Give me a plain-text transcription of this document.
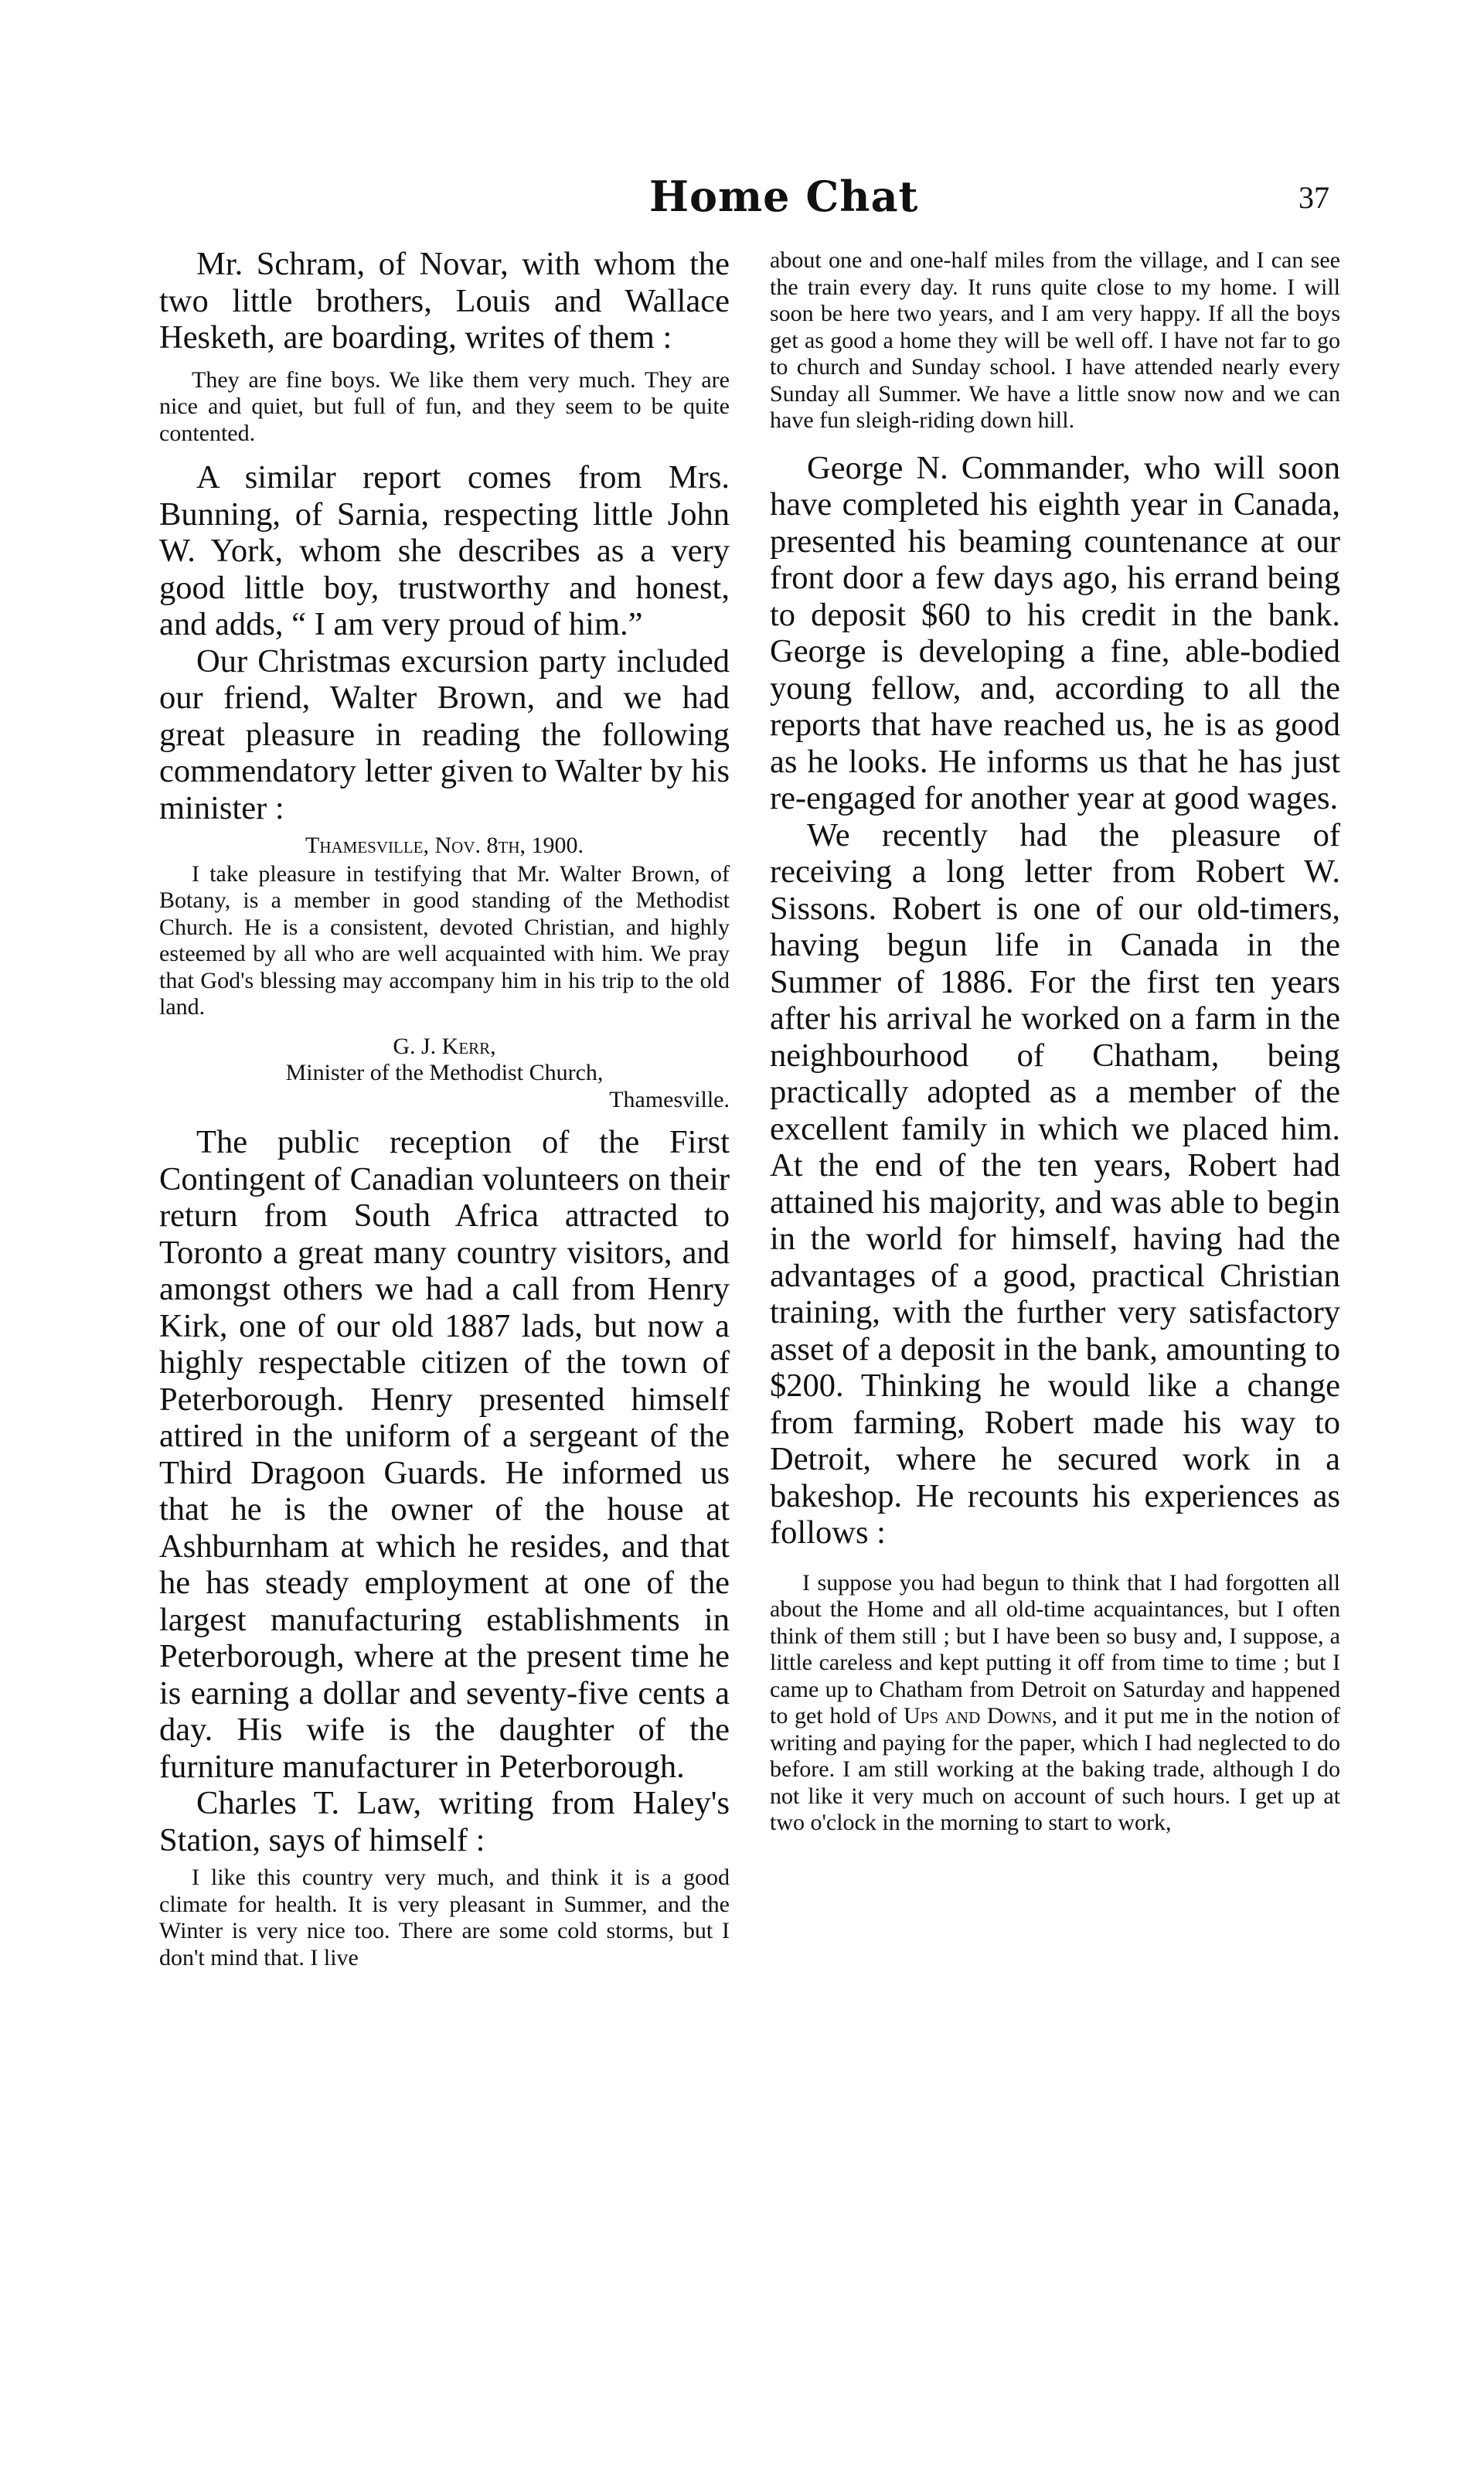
Home Chat	37

Mr. Schram, of Novar, with whom the two little brothers, Louis and Wallace Hesketh, are boarding, writes of them :

They are fine boys. We like them very much. They are nice and quiet, but full of fun, and they seem to be quite contented.

A similar report comes from Mrs. Bunning, of Sarnia, respecting little John W. York, whom she describes as a very good little boy, trustworthy and honest, and adds, “ I am very proud of him.”

Our Christmas excursion party included our friend, Walter Brown, and we had great pleasure in reading the following commendatory letter given to Walter by his minister :

Thamesville, Nov. 8th, 1900.

I take pleasure in testifying that Mr. Walter Brown, of Botany, is a member in good standing of the Methodist Church. He is a consistent, devoted Christian, and highly esteemed by all who are well acquainted with him. We pray that God's blessing may accompany him in his trip to the old land.

G. J. Kerr,

Minister of the Methodist Church,

Thamesville.

The public reception of the First Contingent of Canadian volunteers on their return from South Africa attracted to Toronto a great many country visitors, and amongst others we had a call from Henry Kirk, one of our old 1887 lads, but now a highly respectable citizen of the town of Peterborough. Henry presented himself attired in the uniform of a sergeant of the Third Dragoon Guards. He informed us that he is the owner of the house at Ashburnham at which he resides, and that he has steady employment at one of the largest manufacturing establishments in Peterborough, where at the present time he is earning a dollar and seventy-five cents a day. His wife is the daughter of the furniture manufacturer in Peterborough.

Charles T. Law, writing from Haley's Station, says of himself :

I like this country very much, and think it is a good climate for health. It is very pleasant in Summer, and the Winter is very nice too. There are some cold storms, but I don't mind that. I live

about one and one-half miles from the village, and I can see the train every day. It runs quite close to my home. I will soon be here two years, and I am very happy. If all the boys get as good a home they will be well off. I have not far to go to church and Sunday school. I have attended nearly every Sunday all Summer. We have a little snow now and we can have fun sleigh-riding down hill.

George N. Commander, who will soon have completed his eighth year in Canada, presented his beaming countenance at our front door a few days ago, his errand being to deposit $60 to his credit in the bank. George is developing a fine, able-bodied young fellow, and, according to all the reports that have reached us, he is as good as he looks. He informs us that he has just re-engaged for another year at good wages.

We recently had the pleasure of receiving a long letter from Robert W. Sissons. Robert is one of our old-timers, having begun life in Canada in the Summer of 1886. For the first ten years after his arrival he worked on a farm in the neighbourhood of Chatham, being practically adopted as a member of the excellent family in which we placed him. At the end of the ten years, Robert had attained his majority, and was able to begin in the world for himself, having had the advantages of a good, practical Christian training, with the further very satisfactory asset of a deposit in the bank, amounting to $200. Thinking he would like a change from farming, Robert made his way to Detroit, where he secured work in a bakeshop. He recounts his experiences as follows :

I suppose you had begun to think that I had forgotten all about the Home and all old-time acquaintances, but I often think of them still ; but I have been so busy and, I suppose, a little careless and kept putting it off from time to time ; but I came up to Chatham from Detroit on Saturday and happened to get hold of Ups and Downs, and it put me in the notion of writing and paying for the paper, which I had neglected to do before. I am still working at the baking trade, although I do not like it very much on account of such hours. I get up at two o'clock in the morning to start to work,
